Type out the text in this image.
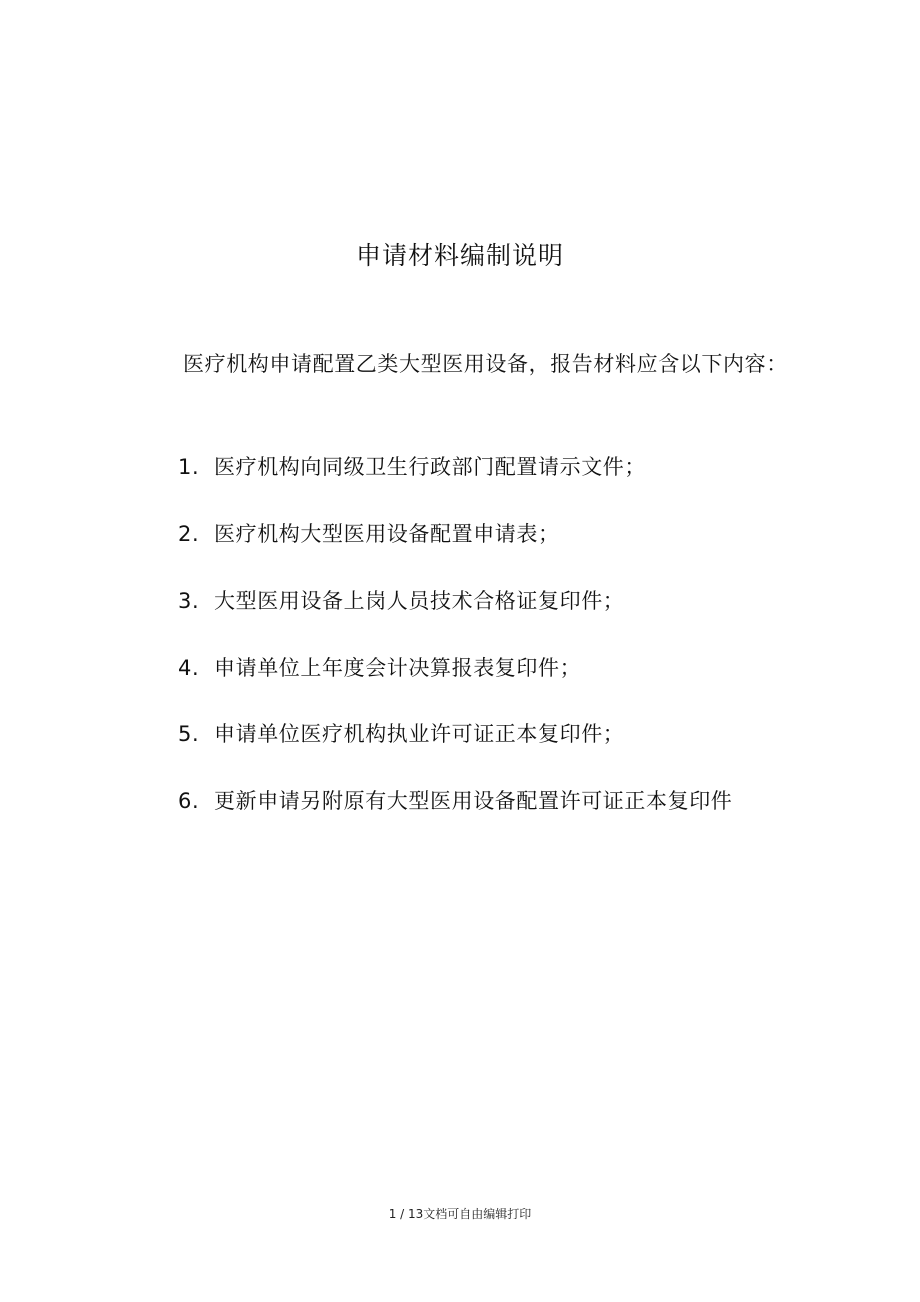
申请材料编制说明
医疗机构申请配置乙类大型医用设备，报告材料应含以下内容：
1. 医疗机构向同级卫生行政部门配置请示文件；
2. 医疗机构大型医用设备配置申请表；
3. 大型医用设备上岗人员技术合格证复印件；
4. 申请单位上年度会计决算报表复印件；
5. 申请单位医疗机构执业许可证正本复印件；
6. 更新申请另附原有大型医用设备配置许可证正本复印件
1 / 13文档可自由编辑打印
